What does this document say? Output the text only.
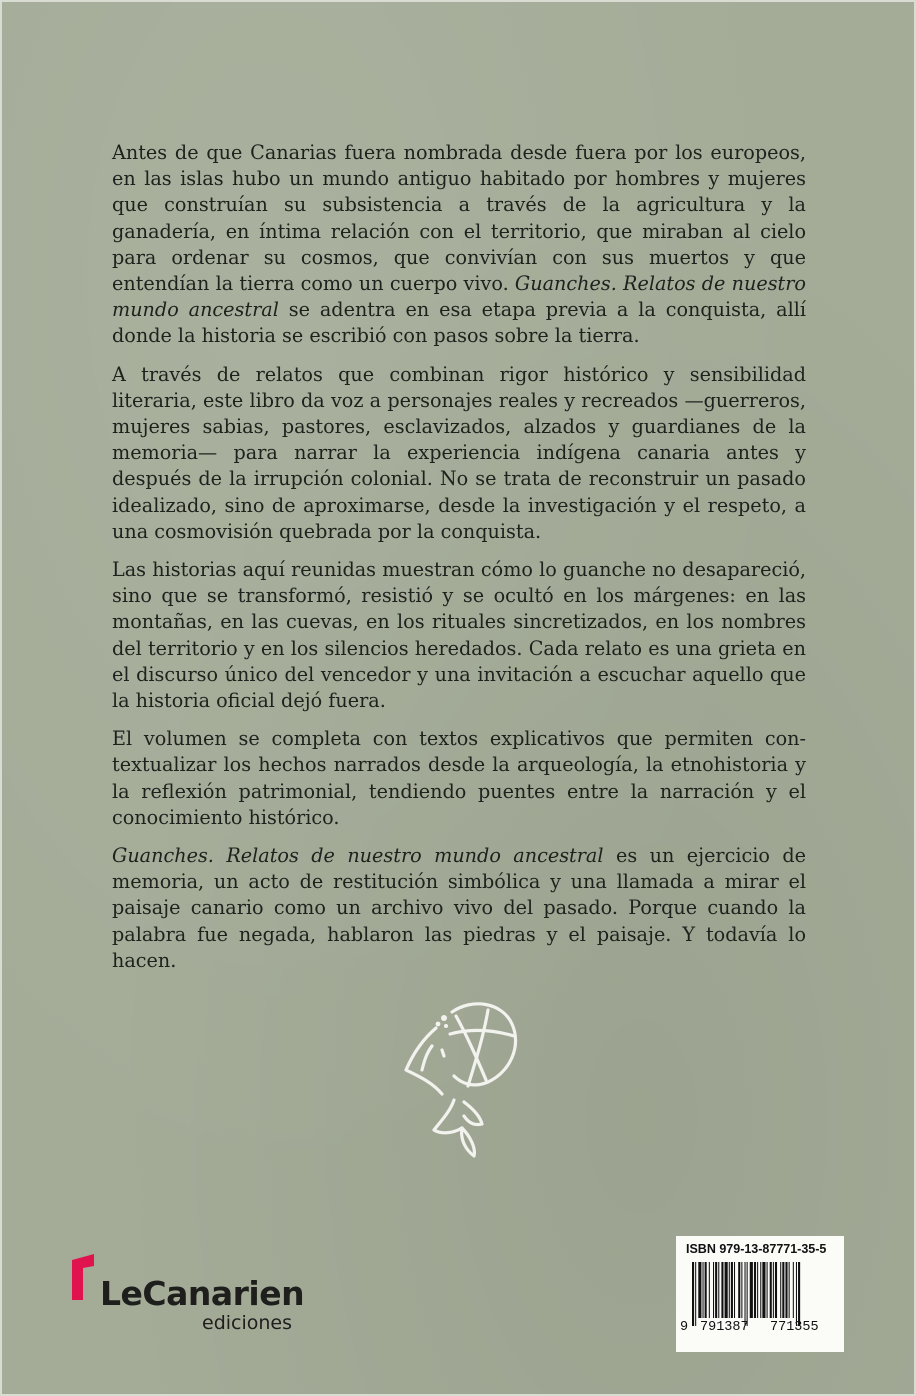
Antes de que Canarias fuera nombrada desde fuera por los europeos, en las islas hubo un mundo antiguo habitado por hombres y mujeres que construían su subsistencia a través de la agricultura y la ganadería, en íntima relación con el territorio, que miraban al cielo para ordenar su cosmos, que convivían con sus muertos y que entendían la tierra como un cuerpo vivo. Guanches. Relatos de nuestro mundo ancestral se adentra en esa etapa previa a la conquista, allí donde la historia se escribió con pasos sobre la tierra.

A través de relatos que combinan rigor histórico y sensibilidad literaria, este libro da voz a personajes reales y recreados —guerreros, mujeres sabias, pastores, esclavizados, alzados y guardianes de la memoria— para narrar la experiencia indígena canaria antes y después de la irrupción colonial. No se trata de reconstruir un pasado idealizado, sino de aproximarse, desde la investigación y el respeto, a una cosmovisión quebrada por la conquista.

Las historias aquí reunidas muestran cómo lo guanche no desapareció, sino que se transformó, resistió y se ocultó en los márgenes: en las montañas, en las cuevas, en los rituales sincretizados, en los nombres del territorio y en los silencios heredados. Cada relato es una grieta en el discurso único del vencedor y una invitación a escuchar aquello que la historia oficial dejó fuera.

El volumen se completa con textos explicativos que permiten contextualizar los hechos narrados desde la arqueología, la etnohistoria y la reflexión patrimonial, tendiendo puentes entre la narración y el conocimiento histórico.

Guanches. Relatos de nuestro mundo ancestral es un ejercicio de memoria, un acto de restitución simbólica y una llamada a mirar el paisaje canario como un archivo vivo del pasado. Porque cuando la palabra fue negada, hablaron las piedras y el paisaje. Y todavía lo hacen.

LeCanarien
ediciones
ISBN 979-13-87771-35-5
9 791387 771355
